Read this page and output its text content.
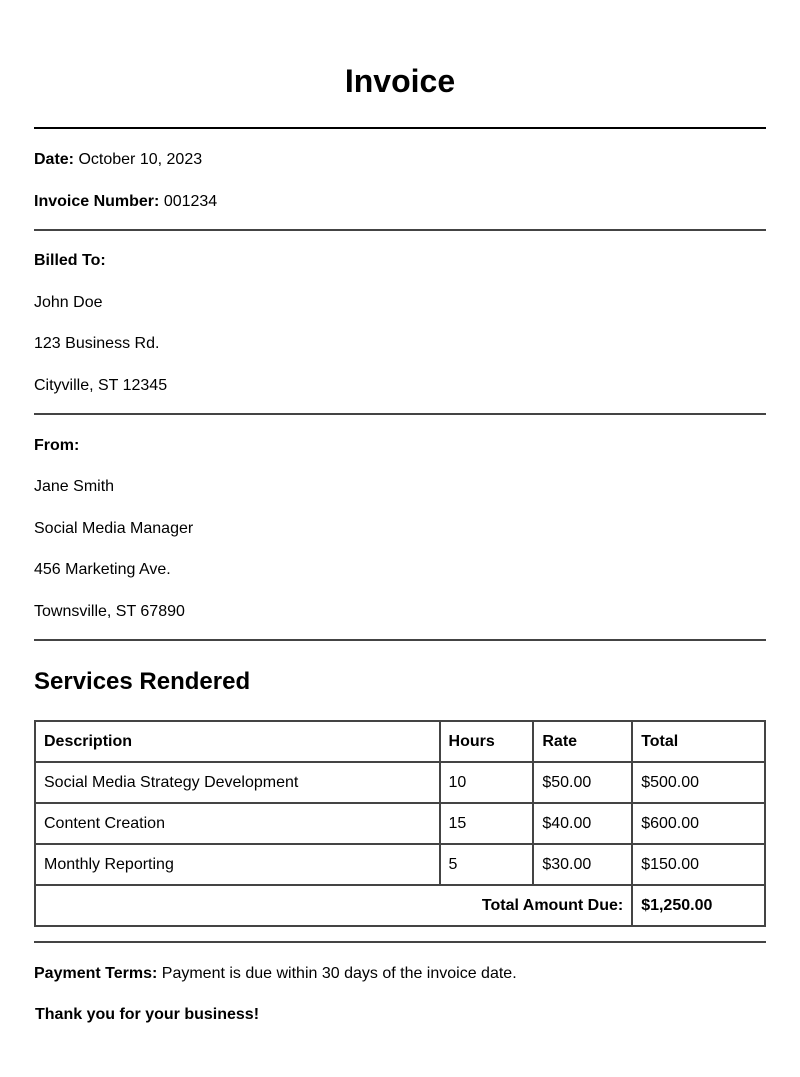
Invoice
Date: October 10, 2023
Invoice Number: 001234
Billed To:
John Doe
123 Business Rd.
Cityville, ST 12345
From:
Jane Smith
Social Media Manager
456 Marketing Ave.
Townsville, ST 67890
Services Rendered
Description	Hours	Rate	Total
Social Media Strategy Development	10	$50.00	$500.00
Content Creation	15	$40.00	$600.00
Monthly Reporting	5	$30.00	$150.00
Total Amount Due:			$1,250.00
Payment Terms: Payment is due within 30 days of the invoice date.
Thank you for your business!
